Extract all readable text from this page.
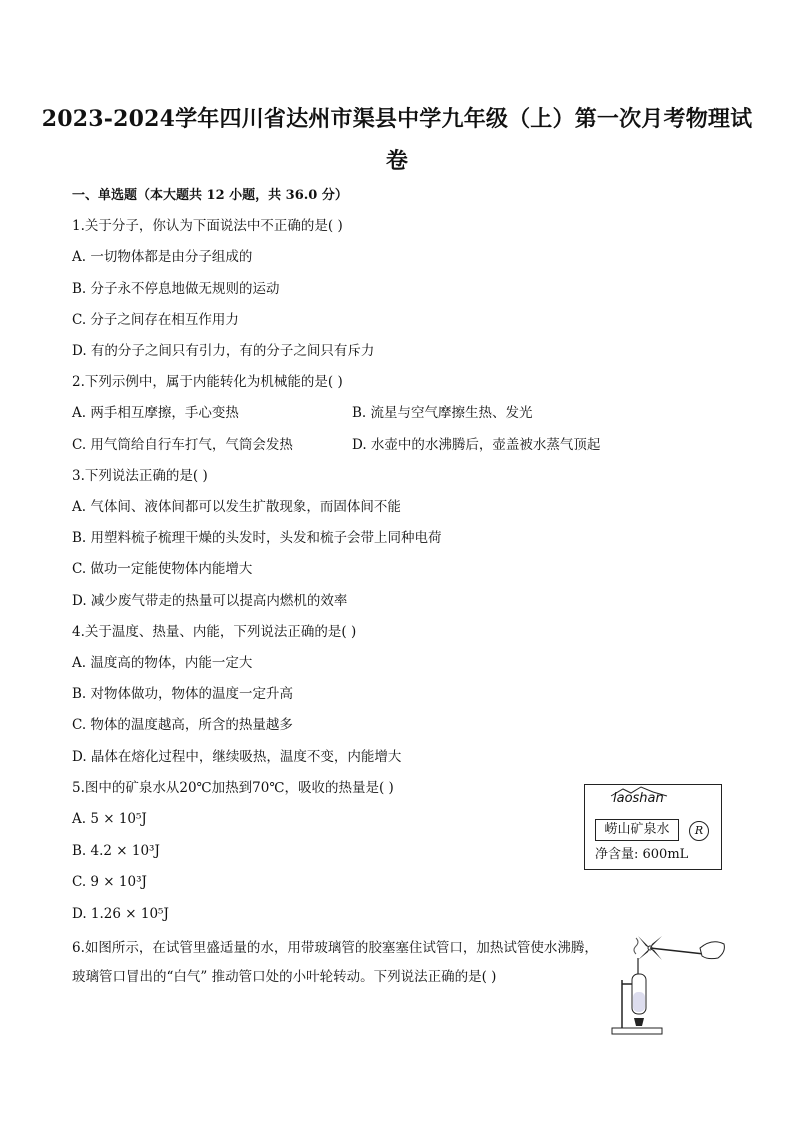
2023-2024学年四川省达州市渠县中学九年级（上）第一次月考物理试
卷
一、单选题（本大题共 12 小题，共 36.0 分）
1.关于分子，你认为下面说法中不正确的是( )
A. 一切物体都是由分子组成的
B. 分子永不停息地做无规则的运动
C. 分子之间存在相互作用力
D. 有的分子之间只有引力，有的分子之间只有斥力
2.下列示例中，属于内能转化为机械能的是( )
A. 两手相互摩擦，手心变热	B. 流星与空气摩擦生热、发光
C. 用气筒给自行车打气，气筒会发热	D. 水壶中的水沸腾后，壶盖被水蒸气顶起
3.下列说法正确的是( )
A. 气体间、液体间都可以发生扩散现象，而固体间不能
B. 用塑料梳子梳理干燥的头发时，头发和梳子会带上同种电荷
C. 做功一定能使物体内能增大
D. 减少废气带走的热量可以提高内燃机的效率
4.关于温度、热量、内能，下列说法正确的是( )
A. 温度高的物体，内能一定大
B. 对物体做功，物体的温度一定升高
C. 物体的温度越高，所含的热量越多
D. 晶体在熔化过程中，继续吸热，温度不变，内能增大
5.图中的矿泉水从20℃加热到70℃，吸收的热量是( )
A. 5 × 10⁵J
B. 4.2 × 10³J
C. 9 × 10³J
D. 1.26 × 10⁵J
laoshan
崂山矿泉水	R
净含量: 600mL
6.如图所示，在试管里盛适量的水，用带玻璃管的胶塞塞住试管口，加热试管使水沸腾，
玻璃管口冒出的“白气” 推动管口处的小叶轮转动。下列说法正确的是( )
